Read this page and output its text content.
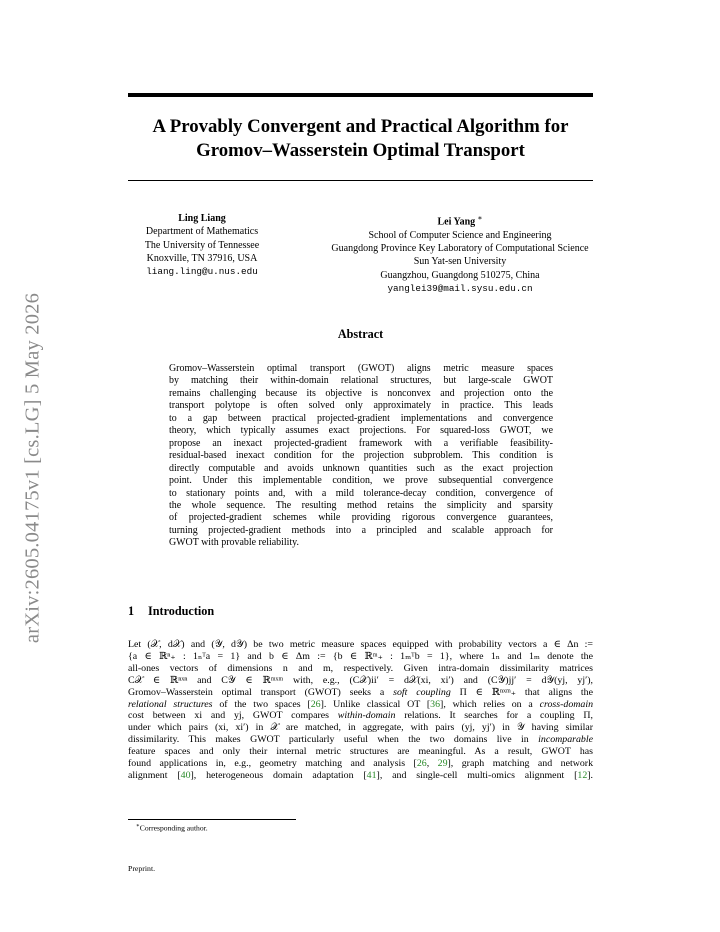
arXiv:2605.04175v1 [cs.LG] 5 May 2026
A Provably Convergent and Practical Algorithm for
Gromov–Wasserstein Optimal Transport
Ling Liang
Department of Mathematics
The University of Tennessee
Knoxville, TN 37916, USA
liang.ling@u.nus.edu
Lei Yang ∗
School of Computer Science and Engineering
Guangdong Province Key Laboratory of Computational Science
Sun Yat-sen University
Guangzhou, Guangdong 510275, China
yanglei39@mail.sysu.edu.cn
Abstract
Gromov–Wasserstein optimal transport (GWOT) aligns metric measure spaces
by matching their within-domain relational structures, but large-scale GWOT
remains challenging because its objective is nonconvex and projection onto the
transport polytope is often solved only approximately in practice. This leads
to a gap between practical projected-gradient implementations and convergence
theory, which typically assumes exact projections. For squared-loss GWOT, we
propose an inexact projected-gradient framework with a verifiable feasibility-
residual-based inexact condition for the projection subproblem. This condition is
directly computable and avoids unknown quantities such as the exact projection
point. Under this implementable condition, we prove subsequential convergence
to stationary points and, with a mild tolerance-decay condition, convergence of
the whole sequence. The resulting method retains the simplicity and sparsity
of projected-gradient schemes while providing rigorous convergence guarantees,
turning projected-gradient methods into a principled and scalable approach for
GWOT with provable reliability.
1 Introduction
Let (𝒳, d𝒳) and (𝒴, d𝒴) be two metric measure spaces equipped with probability vectors a ∈ Δn :=
{a ∈ ℝⁿ₊ : 1ₙᵀa = 1} and b ∈ Δm := {b ∈ ℝᵐ₊ : 1ₘᵀb = 1}, where 1ₙ and 1ₘ denote the
all-ones vectors of dimensions n and m, respectively. Given intra-domain dissimilarity matrices
C𝒳 ∈ ℝⁿˣⁿ and C𝒴 ∈ ℝᵐˣᵐ with, e.g., (C𝒳)ii′ = d𝒳(xi, xi′) and (C𝒴)jj′ = d𝒴(yj, yj′),
Gromov–Wasserstein optimal transport (GWOT) seeks a soft coupling Π ∈ ℝⁿˣᵐ₊ that aligns the
relational structures of the two spaces [26]. Unlike classical OT [36], which relies on a cross-domain
cost between xi and yj, GWOT compares within-domain relations. It searches for a coupling Π,
under which pairs (xi, xi′) in 𝒳 are matched, in aggregate, with pairs (yj, yj′) in 𝒴 having similar
dissimilarity. This makes GWOT particularly useful when the two domains live in incomparable
feature spaces and only their internal metric structures are meaningful. As a result, GWOT has
found applications in, e.g., geometry matching and analysis [26, 29], graph matching and network
alignment [40], heterogeneous domain adaptation [41], and single-cell multi-omics alignment [12].
∗Corresponding author.
Preprint.
